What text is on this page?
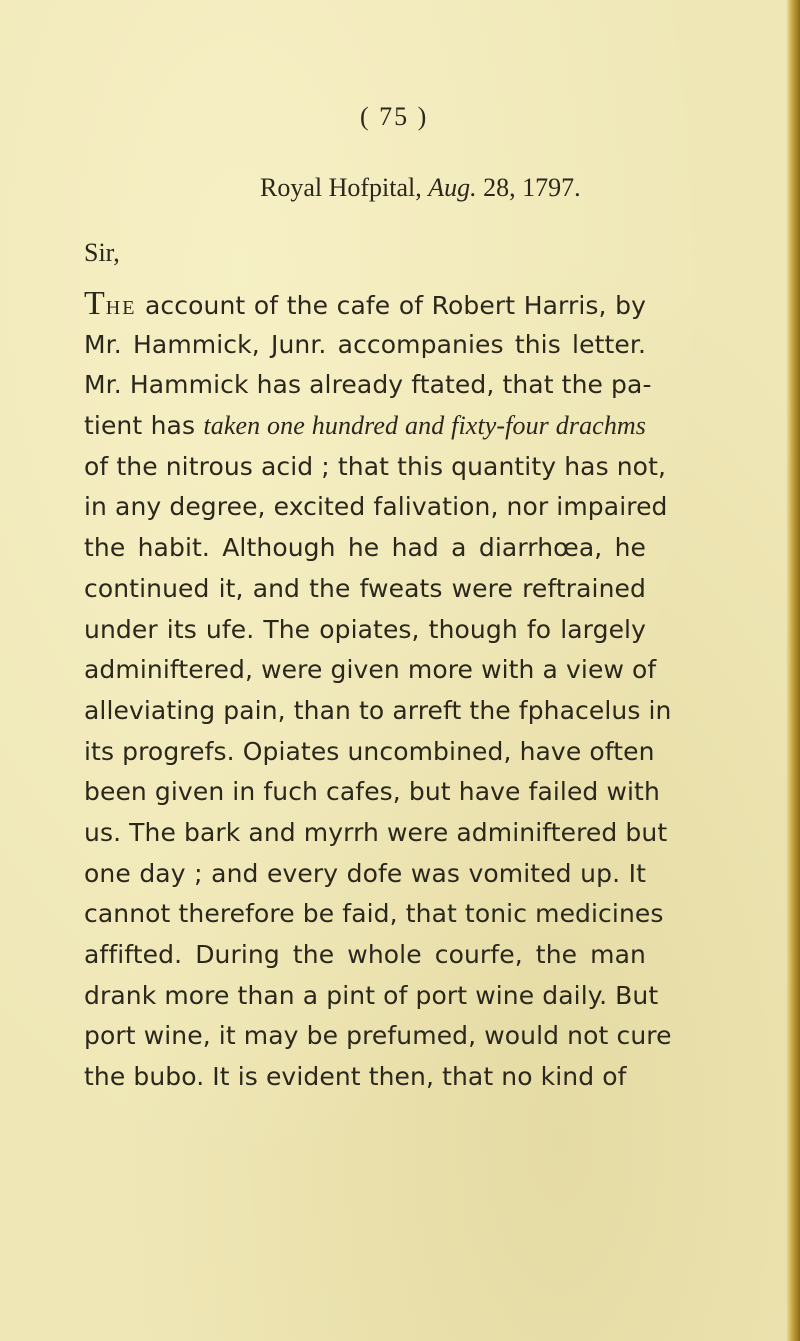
( 75 )
Royal Hofpital, Aug. 28, 1797.
Sir,
THE account of the cafe of Robert Harris, by
Mr. Hammick, Junr. accompanies this letter.
Mr. Hammick has already ftated, that the pa-
tient has taken one hundred and fixty-four drachms
of the nitrous acid ; that this quantity has not,
in any degree, excited falivation, nor impaired
the habit. Although he had a diarrhœa, he
continued it, and the fweats were reftrained
under its ufe. The opiates, though fo largely
adminiftered, were given more with a view of
alleviating pain, than to arreft the fphacelus in
its progrefs. Opiates uncombined, have often
been given in fuch cafes, but have failed with
us. The bark and myrrh were adminiftered but
one day ; and every dofe was vomited up. It
cannot therefore be faid, that tonic medicines
affifted. During the whole courfe, the man
drank more than a pint of port wine daily. But
port wine, it may be prefumed, would not cure
the bubo. It is evident then, that no kind of
